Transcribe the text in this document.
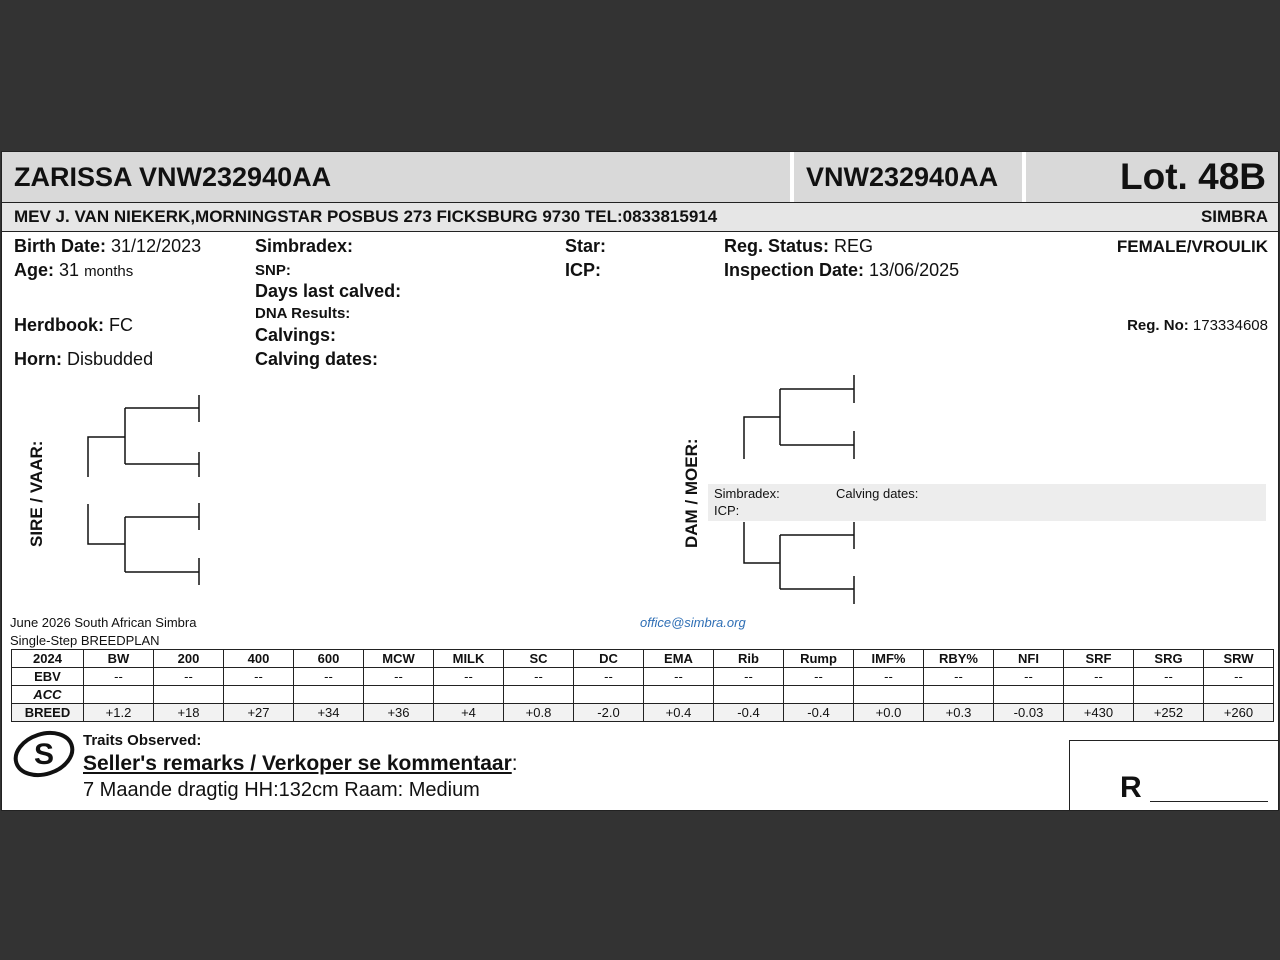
ZARISSA VNW232940AA	VNW232940AA	Lot. 48B
MEV J. VAN NIEKERK,MORNINGSTAR POSBUS 273 FICKSBURG 9730 TEL:0833815914	SIMBRA
Birth Date: 31/12/2023
Age: 31 months
Herdbook: FC
Horn: Disbudded
Simbradex:
SNP:
Days last calved:
DNA Results:
Calvings:
Calving dates:
Star:
ICP:
Reg. Status: REG
Inspection Date: 13/06/2025
FEMALE/VROULIK
Reg. No: 173334608
SIRE / VAAR:	Simbradex:	Calving dates:
ICP:
DAM / MOER:
June 2026 South African Simbra
Single-Step BREEDPLAN
office@simbra.org
2024	BW	200	400	600	MCW	MILK	SC	DC	EMA	Rib	Rump	IMF%	RBY%	NFI	SRF	SRG	SRW
EBV	--	--	--	--	--	--	--	--	--	--	--	--	--	--	--	--	--
ACC																	
BREED	+1.2	+18	+27	+34	+36	+4	+0.8	-2.0	+0.4	-0.4	-0.4	+0.0	+0.3	-0.03	+430	+252	+260
S Traits Observed:
Seller's remarks / Verkoper se kommentaar:
7 Maande dragtig HH:132cm Raam: Medium	R
